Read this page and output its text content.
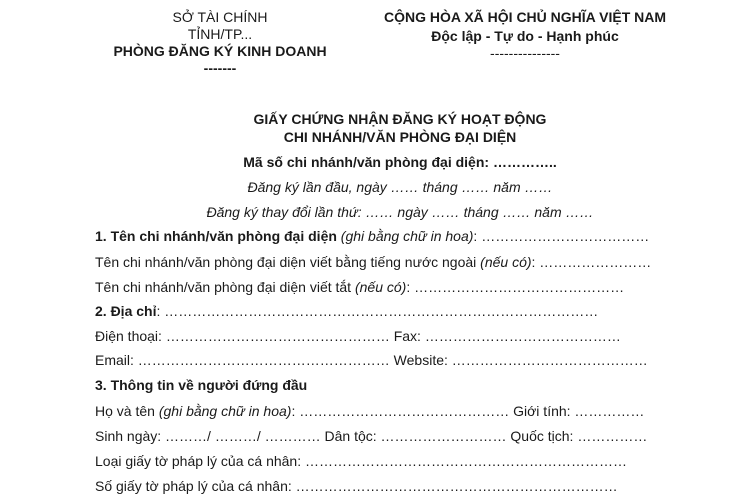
SỞ TÀI CHÍNH
TỈNH/TP...
PHÒNG ĐĂNG KÝ KINH DOANH
-------
CỘNG HÒA XÃ HỘI CHỦ NGHĨA VIỆT NAM
Độc lập - Tự do - Hạnh phúc
---------------
GIẤY CHỨNG NHẬN ĐĂNG KÝ HOẠT ĐỘNG
CHI NHÁNH/VĂN PHÒNG ĐẠI DIỆN
Mã số chi nhánh/văn phòng đại diện: …………..
Đăng ký lần đầu, ngày …… tháng …… năm ……
Đăng ký thay đổi lần thứ: …… ngày …… tháng …… năm ……
1. Tên chi nhánh/văn phòng đại diện (ghi bằng chữ in hoa): ………………………………
Tên chi nhánh/văn phòng đại diện viết bằng tiếng nước ngoài (nếu có): ……………………
Tên chi nhánh/văn phòng đại diện viết tắt (nếu có): ………………………………………
2. Địa chỉ: …………………………………………………………………………………
Điện thoại: ………………………………………… Fax: ……………………………………
Email: ……………………………………………… Website: ……………………………………
3. Thông tin về người đứng đầu
Họ và tên (ghi bằng chữ in hoa): ……………………………………… Giới tính: ……………
Sinh ngày: ………/ ………/ ………… Dân tộc: ……………………… Quốc tịch: ……………
Loại giấy tờ pháp lý của cá nhân: ……………………………………………………………
Số giấy tờ pháp lý của cá nhân: ……………………………………………………………
